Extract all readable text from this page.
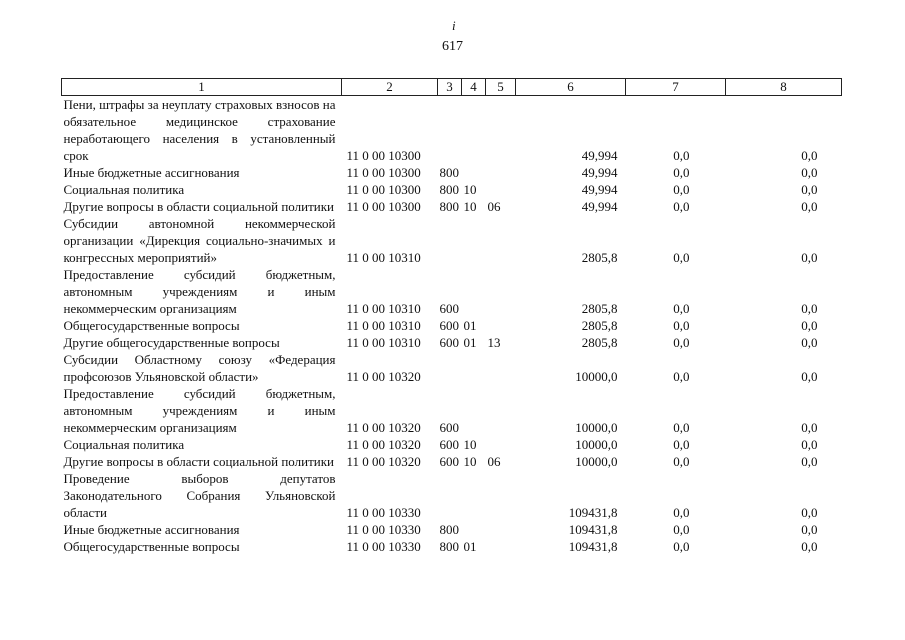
і
617
1	2	3	4	5	6	7	8
Пени, штрафы за неуплату страховых взносов на обязательное медицинское страхование неработающего населения в установленный срок	11 0 00 10300				49,994	0,0	0,0
Иные бюджетные ассигнования	11 0 00 10300	800			49,994	0,0	0,0
Социальная политика	11 0 00 10300	800	10		49,994	0,0	0,0
Другие вопросы в области социальной политики	11 0 00 10300	800	10	06	49,994	0,0	0,0
Субсидии автономной некоммерческой организации «Дирекция социально-значимых и конгрессных мероприятий»	11 0 00 10310				2805,8	0,0	0,0
Предоставление субсидий бюджетным, автономным учреждениям и иным некоммерческим организациям	11 0 00 10310	600			2805,8	0,0	0,0
Общегосударственные вопросы	11 0 00 10310	600	01		2805,8	0,0	0,0
Другие общегосударственные вопросы	11 0 00 10310	600	01	13	2805,8	0,0	0,0
Субсидии Областному союзу «Федерация профсоюзов Ульяновской области»	11 0 00 10320				10000,0	0,0	0,0
Предоставление субсидий бюджетным, автономным учреждениям и иным некоммерческим организациям	11 0 00 10320	600			10000,0	0,0	0,0
Социальная политика	11 0 00 10320	600	10		10000,0	0,0	0,0
Другие вопросы в области социальной политики	11 0 00 10320	600	10	06	10000,0	0,0	0,0
Проведение выборов депутатов Законодательного Собрания Ульяновской области	11 0 00 10330				109431,8	0,0	0,0
Иные бюджетные ассигнования	11 0 00 10330	800			109431,8	0,0	0,0
Общегосударственные вопросы	11 0 00 10330	800	01		109431,8	0,0	0,0
